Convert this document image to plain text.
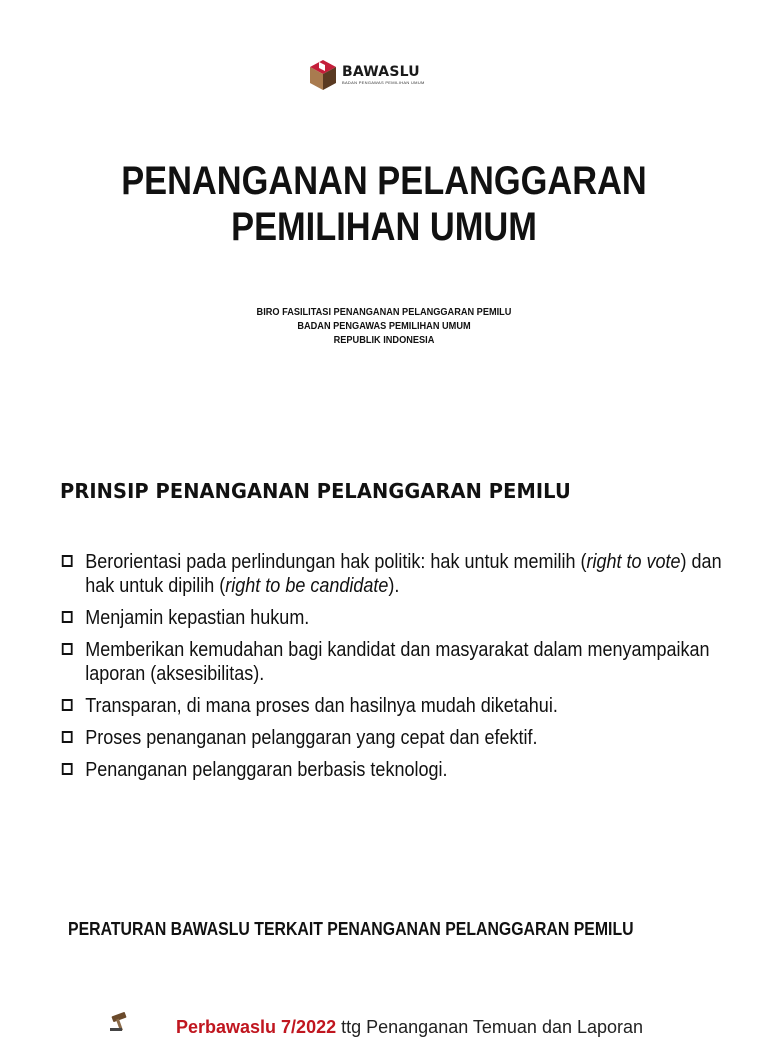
BAWASLU
BADAN PENGAWAS PEMILIHAN UMUM
PENANGANAN PELANGGARAN
PEMILIHAN UMUM
BIRO FASILITASI PENANGANAN PELANGGARAN PEMILU
BADAN PENGAWAS PEMILIHAN UMUM
REPUBLIK INDONESIA
PRINSIP PENANGANAN PELANGGARAN PEMILU
Berorientasi pada perlindungan hak politik: hak untuk memilih (right to vote) dan hak untuk dipilih (right to be candidate).
Menjamin kepastian hukum.
Memberikan kemudahan bagi kandidat dan masyarakat dalam menyampaikan laporan (aksesibilitas).
Transparan, di mana proses dan hasilnya mudah diketahui.
Proses penanganan pelanggaran yang cepat dan efektif.
Penanganan pelanggaran berbasis teknologi.
PERATURAN BAWASLU TERKAIT PENANGANAN PELANGGARAN PEMILU
Perbawaslu 7/2022 ttg Penanganan Temuan dan Laporan
